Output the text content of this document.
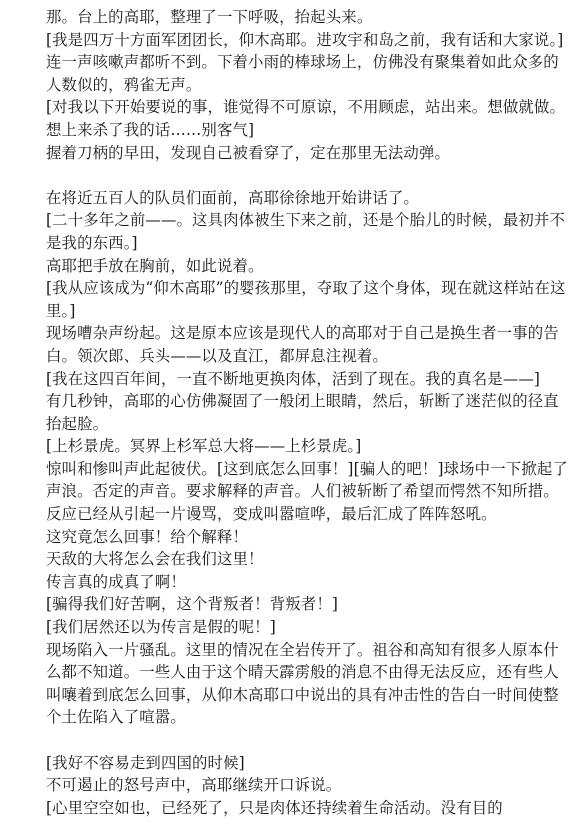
那。台上的高耶，整理了一下呼吸，抬起头来。

[我是四万十方面军团团长，仰木高耶。进攻宇和岛之前，我有话和大家说。]

连一声咳嗽声都听不到。下着小雨的棒球场上，仿佛没有聚集着如此众多的人数似的，鸦雀无声。

[对我以下开始要说的事，谁觉得不可原谅，不用顾虑，站出来。想做就做。想上来杀了我的话……别客气]

握着刀柄的早田，发现自己被看穿了，定在那里无法动弹。

在将近五百人的队员们面前，高耶徐徐地开始讲话了。

[二十多年之前——。这具肉体被生下来之前，还是个胎儿的时候，最初并不是我的东西。]

高耶把手放在胸前，如此说着。

[我从应该成为“仰木高耶”的婴孩那里，夺取了这个身体，现在就这样站在这里。]

现场嘈杂声纷起。这是原本应该是现代人的高耶对于自己是换生者一事的告白。领次郎、兵头——以及直江，都屏息注视着。

[我在这四百年间，一直不断地更换肉体，活到了现在。我的真名是——]

有几秒钟，高耶的心仿佛凝固了一般闭上眼睛，然后，斩断了迷茫似的径直抬起脸。

[上杉景虎。冥界上杉军总大将——上杉景虎。]

惊叫和惨叫声此起彼伏。[这到底怎么回事！][骗人的吧！]球场中一下掀起了声浪。否定的声音。要求解释的声音。人们被斩断了希望而愕然不知所措。反应已经从引起一片谩骂，变成叫嚣喧哗，最后汇成了阵阵怒吼。

这究竟怎么回事！给个解释！

天敌的大将怎么会在我们这里！

传言真的成真了啊！

[骗得我们好苦啊，这个背叛者！背叛者！]

[我们居然还以为传言是假的呢！]

现场陷入一片骚乱。这里的情况在全岩传开了。祖谷和高知有很多人原本什么都不知道。一些人由于这个晴天霹雳般的消息不由得无法反应，还有些人叫嚷着到底怎么回事，从仰木高耶口中说出的具有冲击性的告白一时间使整个土佐陷入了喧嚣。

[我好不容易走到四国的时候]

不可遏止的怒号声中，高耶继续开口诉说。

[心里空空如也，已经死了，只是肉体还持续着生命活动。没有目的
